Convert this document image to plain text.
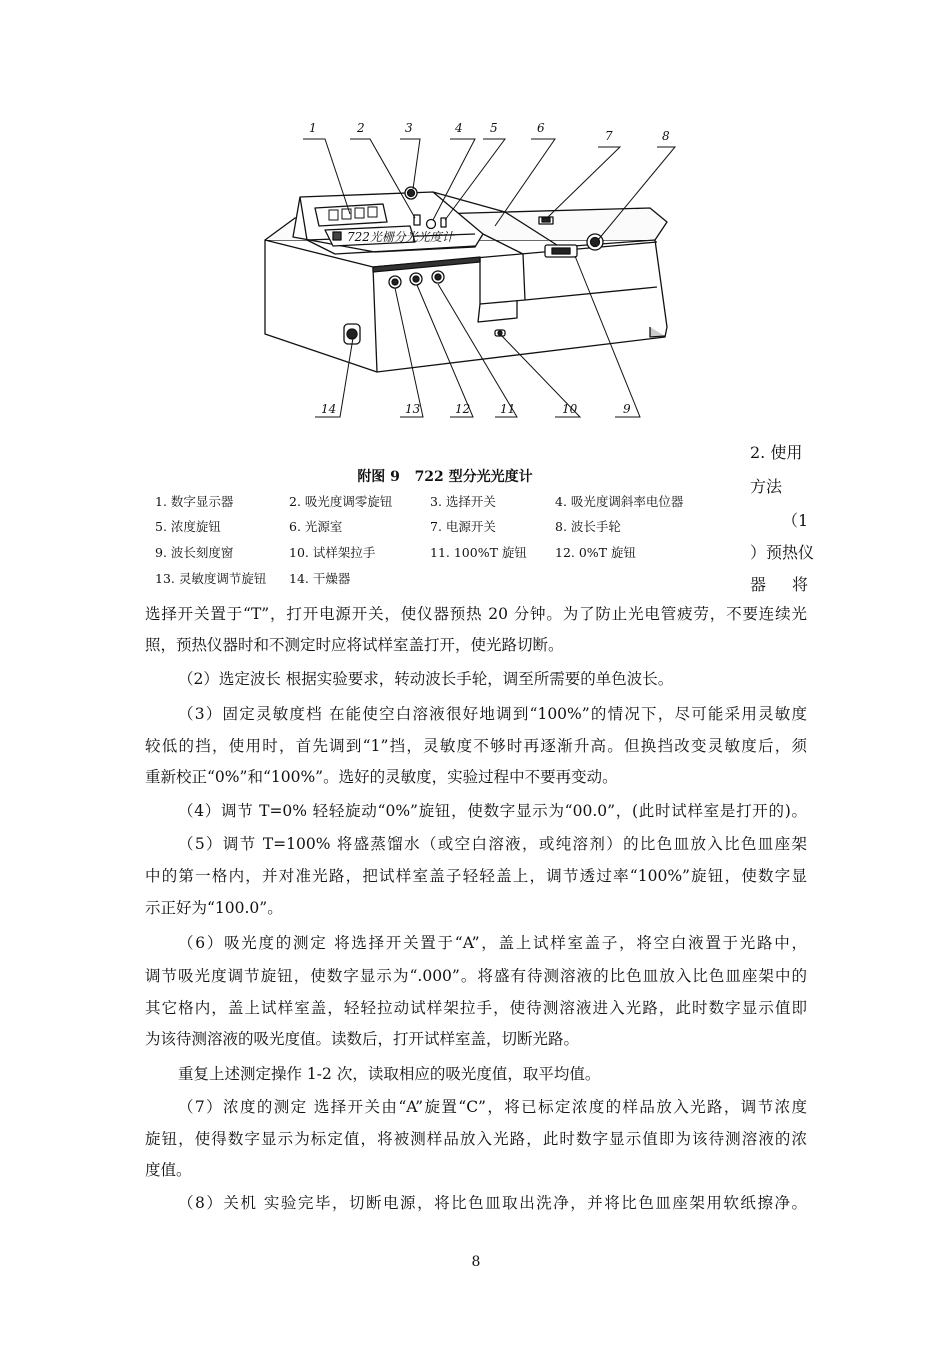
722光栅分光光度计
1	2	3	4 5	6
7	8
14	13	12 11	10	9
附图 9 722 型分光光度计
1. 数字显示器	2. 吸光度调零旋钮	3. 选择开关	4. 吸光度调斜率电位器
5. 浓度旋钮	6. 光源室	7. 电源开关	8. 波长手轮
9. 波长刻度窗	10. 试样架拉手	11. 100%T 旋钮 12. 0%T 旋钮
13. 灵敏度调节旋钮 14. 干燥器
2. 使用
方法
（1
）预热仪
器 将
选择开关置于“T”，打开电源开关，使仪器预热 20 分钟。为了防止光电管疲劳，不要连续光
照，预热仪器时和不测定时应将试样室盖打开，使光路切断。
（2）选定波长 根据实验要求，转动波长手轮，调至所需要的单色波长。
（3）固定灵敏度档 在能使空白溶液很好地调到“100%”的情况下，尽可能采用灵敏度
较低的挡，使用时，首先调到“1”挡，灵敏度不够时再逐渐升高。但换挡改变灵敏度后，须
重新校正“0%”和“100%”。选好的灵敏度，实验过程中不要再变动。
（4）调节 T=0% 轻轻旋动“0%”旋钮，使数字显示为“00.0”，(此时试样室是打开的)。
（5）调节 T=100% 将盛蒸馏水（或空白溶液，或纯溶剂）的比色皿放入比色皿座架
中的第一格内，并对准光路，把试样室盖子轻轻盖上，调节透过率“100%”旋钮，使数字显
示正好为“100.0”。
（6）吸光度的测定 将选择开关置于“A”，盖上试样室盖子，将空白液置于光路中，
调节吸光度调节旋钮，使数字显示为“.000”。将盛有待测溶液的比色皿放入比色皿座架中的
其它格内，盖上试样室盖，轻轻拉动试样架拉手，使待测溶液进入光路，此时数字显示值即
为该待测溶液的吸光度值。读数后，打开试样室盖，切断光路。
重复上述测定操作 1-2 次，读取相应的吸光度值，取平均值。
（7）浓度的测定 选择开关由“A”旋置“C”，将已标定浓度的样品放入光路，调节浓度
旋钮，使得数字显示为标定值，将被测样品放入光路，此时数字显示值即为该待测溶液的浓
度值。
（8）关机 实验完毕，切断电源，将比色皿取出洗净，并将比色皿座架用软纸擦净。
8
